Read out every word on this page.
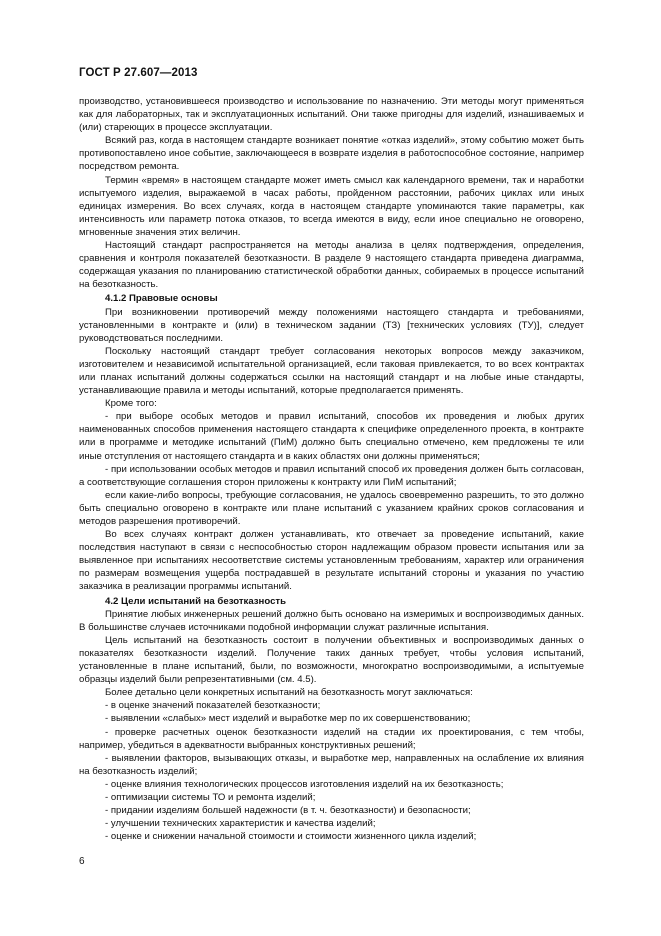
ГОСТ Р 27.607—2013

производство, установившееся производство и использование по назначению. Эти методы могут применяться как для лабораторных, так и эксплуатационных испытаний. Они также пригодны для изделий, изнашиваемых и (или) стареющих в процессе эксплуатации.

Всякий раз, когда в настоящем стандарте возникает понятие «отказ изделий», этому событию может быть противопоставлено иное событие, заключающееся в возврате изделия в работоспособное состояние, например посредством ремонта.

Термин «время» в настоящем стандарте может иметь смысл как календарного времени, так и наработки испытуемого изделия, выражаемой в часах работы, пройденном расстоянии, рабочих циклах или иных единицах измерения. Во всех случаях, когда в настоящем стандарте упоминаются такие параметры, как интенсивность или параметр потока отказов, то всегда имеются в виду, если иное специально не оговорено, мгновенные значения этих величин.

Настоящий стандарт распространяется на методы анализа в целях подтверждения, определения, сравнения и контроля показателей безотказности. В разделе 9 настоящего стандарта приведена диаграмма, содержащая указания по планированию статистической обработки данных, собираемых в процессе испытаний на безотказность.

4.1.2 Правовые основы

При возникновении противоречий между положениями настоящего стандарта и требованиями, установленными в контракте и (или) в техническом задании (ТЗ) [технических условиях (ТУ)], следует руководствоваться последними.

Поскольку настоящий стандарт требует согласования некоторых вопросов между заказчиком, изготовителем и независимой испытательной организацией, если таковая привлекается, то во всех контрактах или планах испытаний должны содержаться ссылки на настоящий стандарт и на любые иные стандарты, устанавливающие правила и методы испытаний, которые предполагается применять.

Кроме того:

- при выборе особых методов и правил испытаний, способов их проведения и любых других наименованных способов применения настоящего стандарта к специфике определенного проекта, в контракте или в программе и методике испытаний (ПиМ) должно быть специально отмечено, кем предложены те или иные отступления от настоящего стандарта и в каких областях они должны применяться;

- при использовании особых методов и правил испытаний способ их проведения должен быть согласован, а соответствующие соглашения сторон приложены к контракту или ПиМ испытаний;

если какие-либо вопросы, требующие согласования, не удалось своевременно разрешить, то это должно быть специально оговорено в контракте или плане испытаний с указанием крайних сроков согласования и методов разрешения противоречий.

Во всех случаях контракт должен устанавливать, кто отвечает за проведение испытаний, какие последствия наступают в связи с неспособностью сторон надлежащим образом провести испытания или за выявленное при испытаниях несоответствие системы установленным требованиям, характер или ограничения по размерам возмещения ущерба пострадавшей в результате испытаний стороны и указания по участию заказчика в реализации программы испытаний.

4.2 Цели испытаний на безотказность

Принятие любых инженерных решений должно быть основано на измеримых и воспроизводимых данных. В большинстве случаев источниками подобной информации служат различные испытания.

Цель испытаний на безотказность состоит в получении объективных и воспроизводимых данных о показателях безотказности изделий. Получение таких данных требует, чтобы условия испытаний, установленные в плане испытаний, были, по возможности, многократно воспроизводимыми, а испытуемые образцы изделий были репрезентативными (см. 4.5).

Более детально цели конкретных испытаний на безотказность могут заключаться:

- в оценке значений показателей безотказности;

- выявлении «слабых» мест изделий и выработке мер по их совершенствованию;

- проверке расчетных оценок безотказности изделий на стадии их проектирования, с тем чтобы, например, убедиться в адекватности выбранных конструктивных решений;

- выявлении факторов, вызывающих отказы, и выработке мер, направленных на ослабление их влияния на безотказность изделий;

- оценке влияния технологических процессов изготовления изделий на их безотказность;

- оптимизации системы ТО и ремонта изделий;

- придании изделиям большей надежности (в т. ч. безотказности) и безопасности;

- улучшении технических характеристик и качества изделий;

- оценке и снижении начальной стоимости и стоимости жизненного цикла изделий;

6
